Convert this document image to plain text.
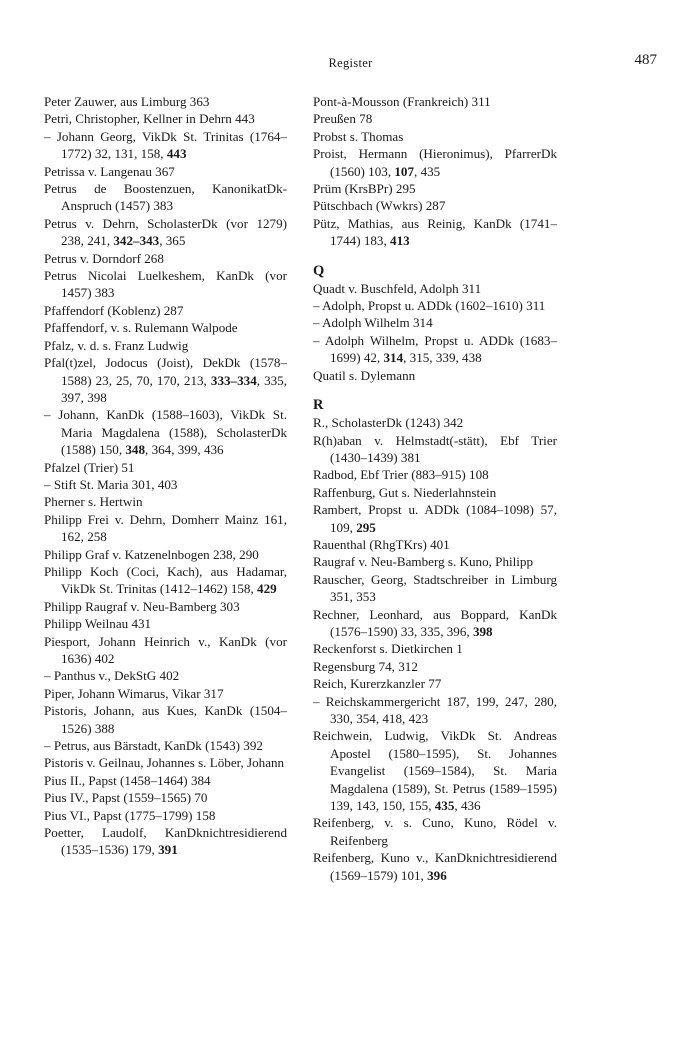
Register	487

Peter Zauwer, aus Limburg 363

Petri, Christopher, Kellner in Dehrn 443

– Johann Georg, VikDk St. Trinitas (1764–1772) 32, 131, 158, 443

Petrissa v. Langenau 367

Petrus de Boostenzuen, KanonikatDk-Anspruch (1457) 383

Petrus v. Dehrn, ScholasterDk (vor 1279) 238, 241, 342–343, 365

Petrus v. Dorndorf 268

Petrus Nicolai Luelkeshem, KanDk (vor 1457) 383

Pfaffendorf (Koblenz) 287

Pfaffendorf, v. s. Rulemann Walpode

Pfalz, v. d. s. Franz Ludwig

Pfal(t)zel, Jodocus (Joist), DekDk (1578–1588) 23, 25, 70, 170, 213, 333–334, 335, 397, 398

– Johann, KanDk (1588–1603), VikDk St. Maria Magdalena (1588), ScholasterDk (1588) 150, 348, 364, 399, 436

Pfalzel (Trier) 51

– Stift St. Maria 301, 403

Pherner s. Hertwin

Philipp Frei v. Dehrn, Domherr Mainz 161, 162, 258

Philipp Graf v. Katzenelnbogen 238, 290

Philipp Koch (Coci, Kach), aus Hadamar, VikDk St. Trinitas (1412–1462) 158, 429

Philipp Raugraf v. Neu-Bamberg 303

Philipp Weilnau 431

Piesport, Johann Heinrich v., KanDk (vor 1636) 402

– Panthus v., DekStG 402

Piper, Johann Wimarus, Vikar 317

Pistoris, Johann, aus Kues, KanDk (1504–1526) 388

– Petrus, aus Bärstadt, KanDk (1543) 392

Pistoris v. Geilnau, Johannes s. Löber, Johann

Pius II., Papst (1458–1464) 384

Pius IV., Papst (1559–1565) 70

Pius VI., Papst (1775–1799) 158

Poetter, Laudolf, KanDknichtresidierend (1535–1536) 179, 391

Pont-à-Mousson (Frankreich) 311

Preußen 78

Probst s. Thomas

Proist, Hermann (Hieronimus), PfarrerDk (1560) 103, 107, 435

Prüm (KrsBPr) 295

Pütschbach (Wwkrs) 287

Pütz, Mathias, aus Reinig, KanDk (1741–1744) 183, 413

Q

Quadt v. Buschfeld, Adolph 311

– Adolph, Propst u. ADDk (1602–1610) 311

– Adolph Wilhelm 314

– Adolph Wilhelm, Propst u. ADDk (1683–1699) 42, 314, 315, 339, 438

Quatil s. Dylemann

R

R., ScholasterDk (1243) 342

R(h)aban v. Helmstadt(-stätt), Ebf Trier (1430–1439) 381

Radbod, Ebf Trier (883–915) 108

Raffenburg, Gut s. Niederlahnstein

Rambert, Propst u. ADDk (1084–1098) 57, 109, 295

Rauenthal (RhgTKrs) 401

Raugraf v. Neu-Bamberg s. Kuno, Philipp

Rauscher, Georg, Stadtschreiber in Limburg 351, 353

Rechner, Leonhard, aus Boppard, KanDk (1576–1590) 33, 335, 396, 398

Reckenforst s. Dietkirchen 1

Regensburg 74, 312

Reich, Kurerzkanzler 77

– Reichskammergericht 187, 199, 247, 280, 330, 354, 418, 423

Reichwein, Ludwig, VikDk St. Andreas Apostel (1580–1595), St. Johannes Evangelist (1569–1584), St. Maria Magdalena (1589), St. Petrus (1589–1595) 139, 143, 150, 155, 435, 436

Reifenberg, v. s. Cuno, Kuno, Rödel v. Reifenberg

Reifenberg, Kuno v., KanDknichtresidierend (1569–1579) 101, 396
